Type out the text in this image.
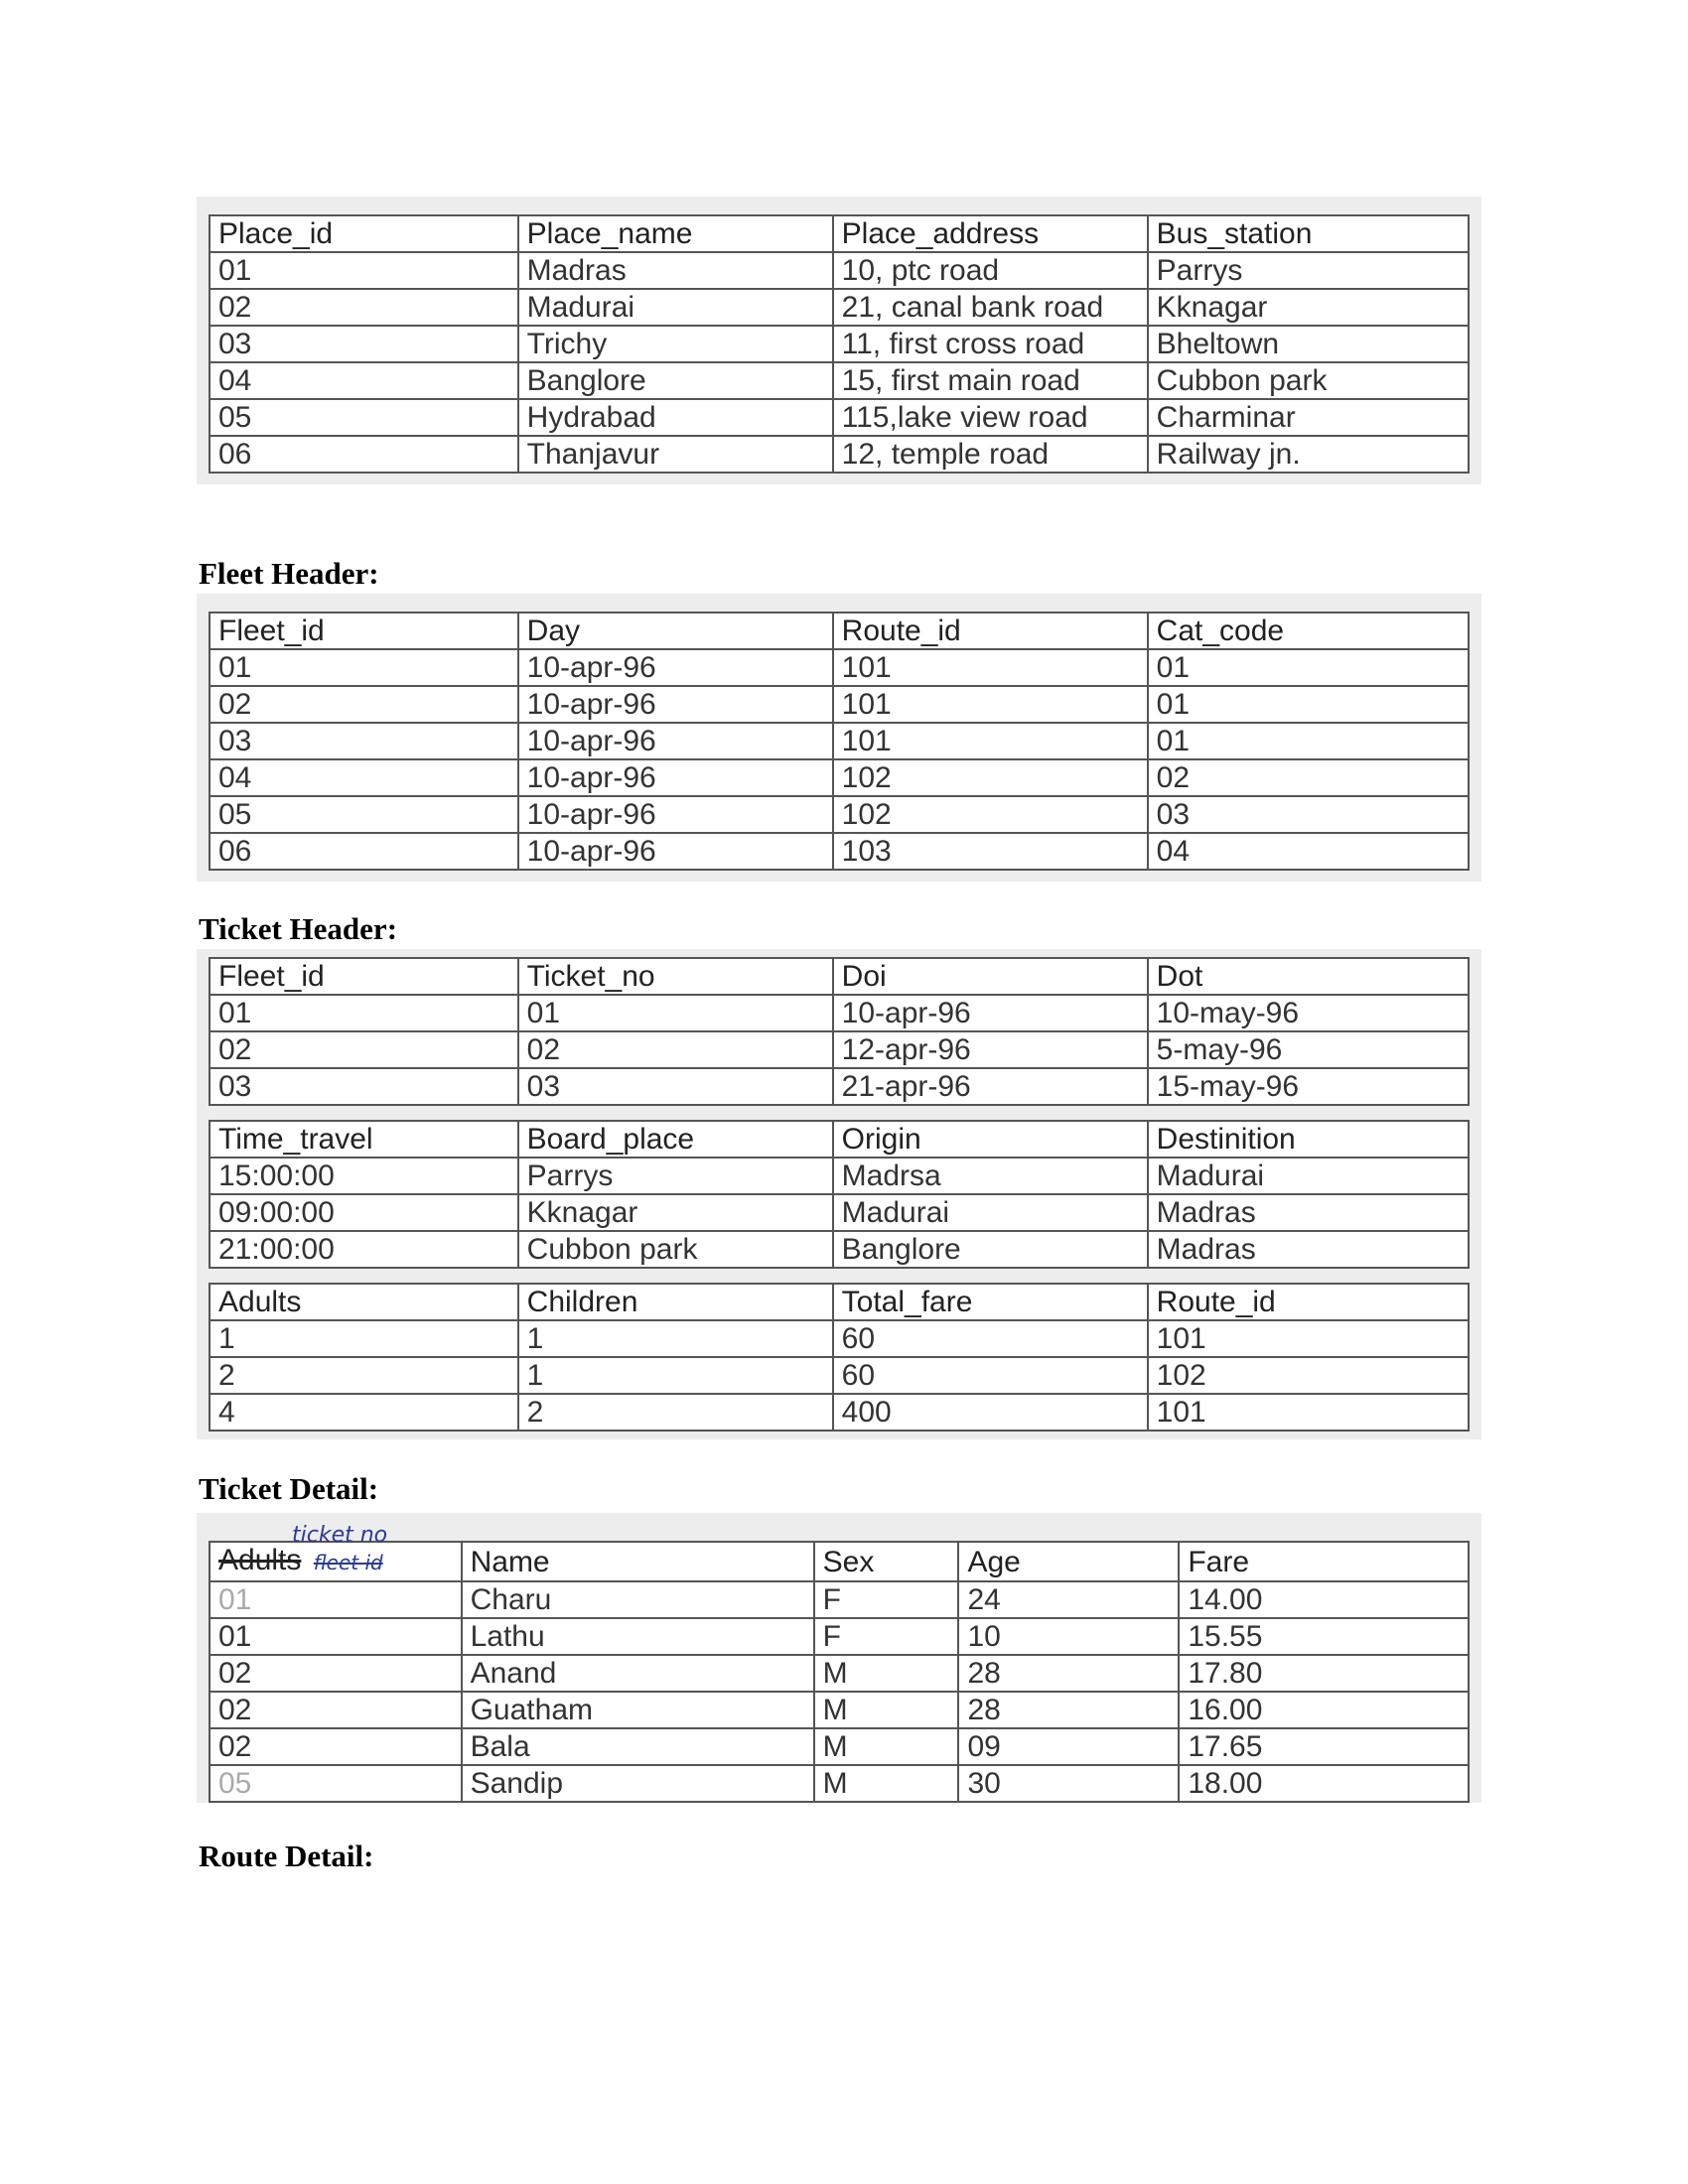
Place_id	Place_name	Place_address	Bus_station
01	Madras	10, ptc road	Parrys
02	Madurai	21, canal bank road	Kknagar
03	Trichy	11, first cross road	Bheltown
04	Banglore	15, first main road	Cubbon park
05	Hydrabad	115,lake view road	Charminar
06	Thanjavur	12, temple road	Railway jn.
Fleet Header:
Fleet_id	Day	Route_id	Cat_code
01	10-apr-96	101	01
02	10-apr-96	101	01
03	10-apr-96	101	01
04	10-apr-96	102	02
05	10-apr-96	102	03
06	10-apr-96	103	04
Ticket Header:
Fleet_id	Ticket_no	Doi	Dot
01	01	10-apr-96	10-may-96
02	02	12-apr-96	5-may-96
03	03	21-apr-96	15-may-96
Time_travel	Board_place	Origin	Destinition
15:00:00	Parrys	Madrsa	Madurai
09:00:00	Kknagar	Madurai	Madras
21:00:00	Cubbon park	Banglore	Madras
Adults	Children	Total_fare	Route_id
1	1	60	101
2	1	60	102
4	2	400	101
Ticket Detail:
ticket no
Adults fleet id	Name	Sex	Age	Fare
01	Charu	F	24	14.00
01	Lathu	F	10	15.55
02	Anand	M	28	17.80
02	Guatham	M	28	16.00
02	Bala	M	09	17.65
05	Sandip	M	30	18.00
Route Detail:
